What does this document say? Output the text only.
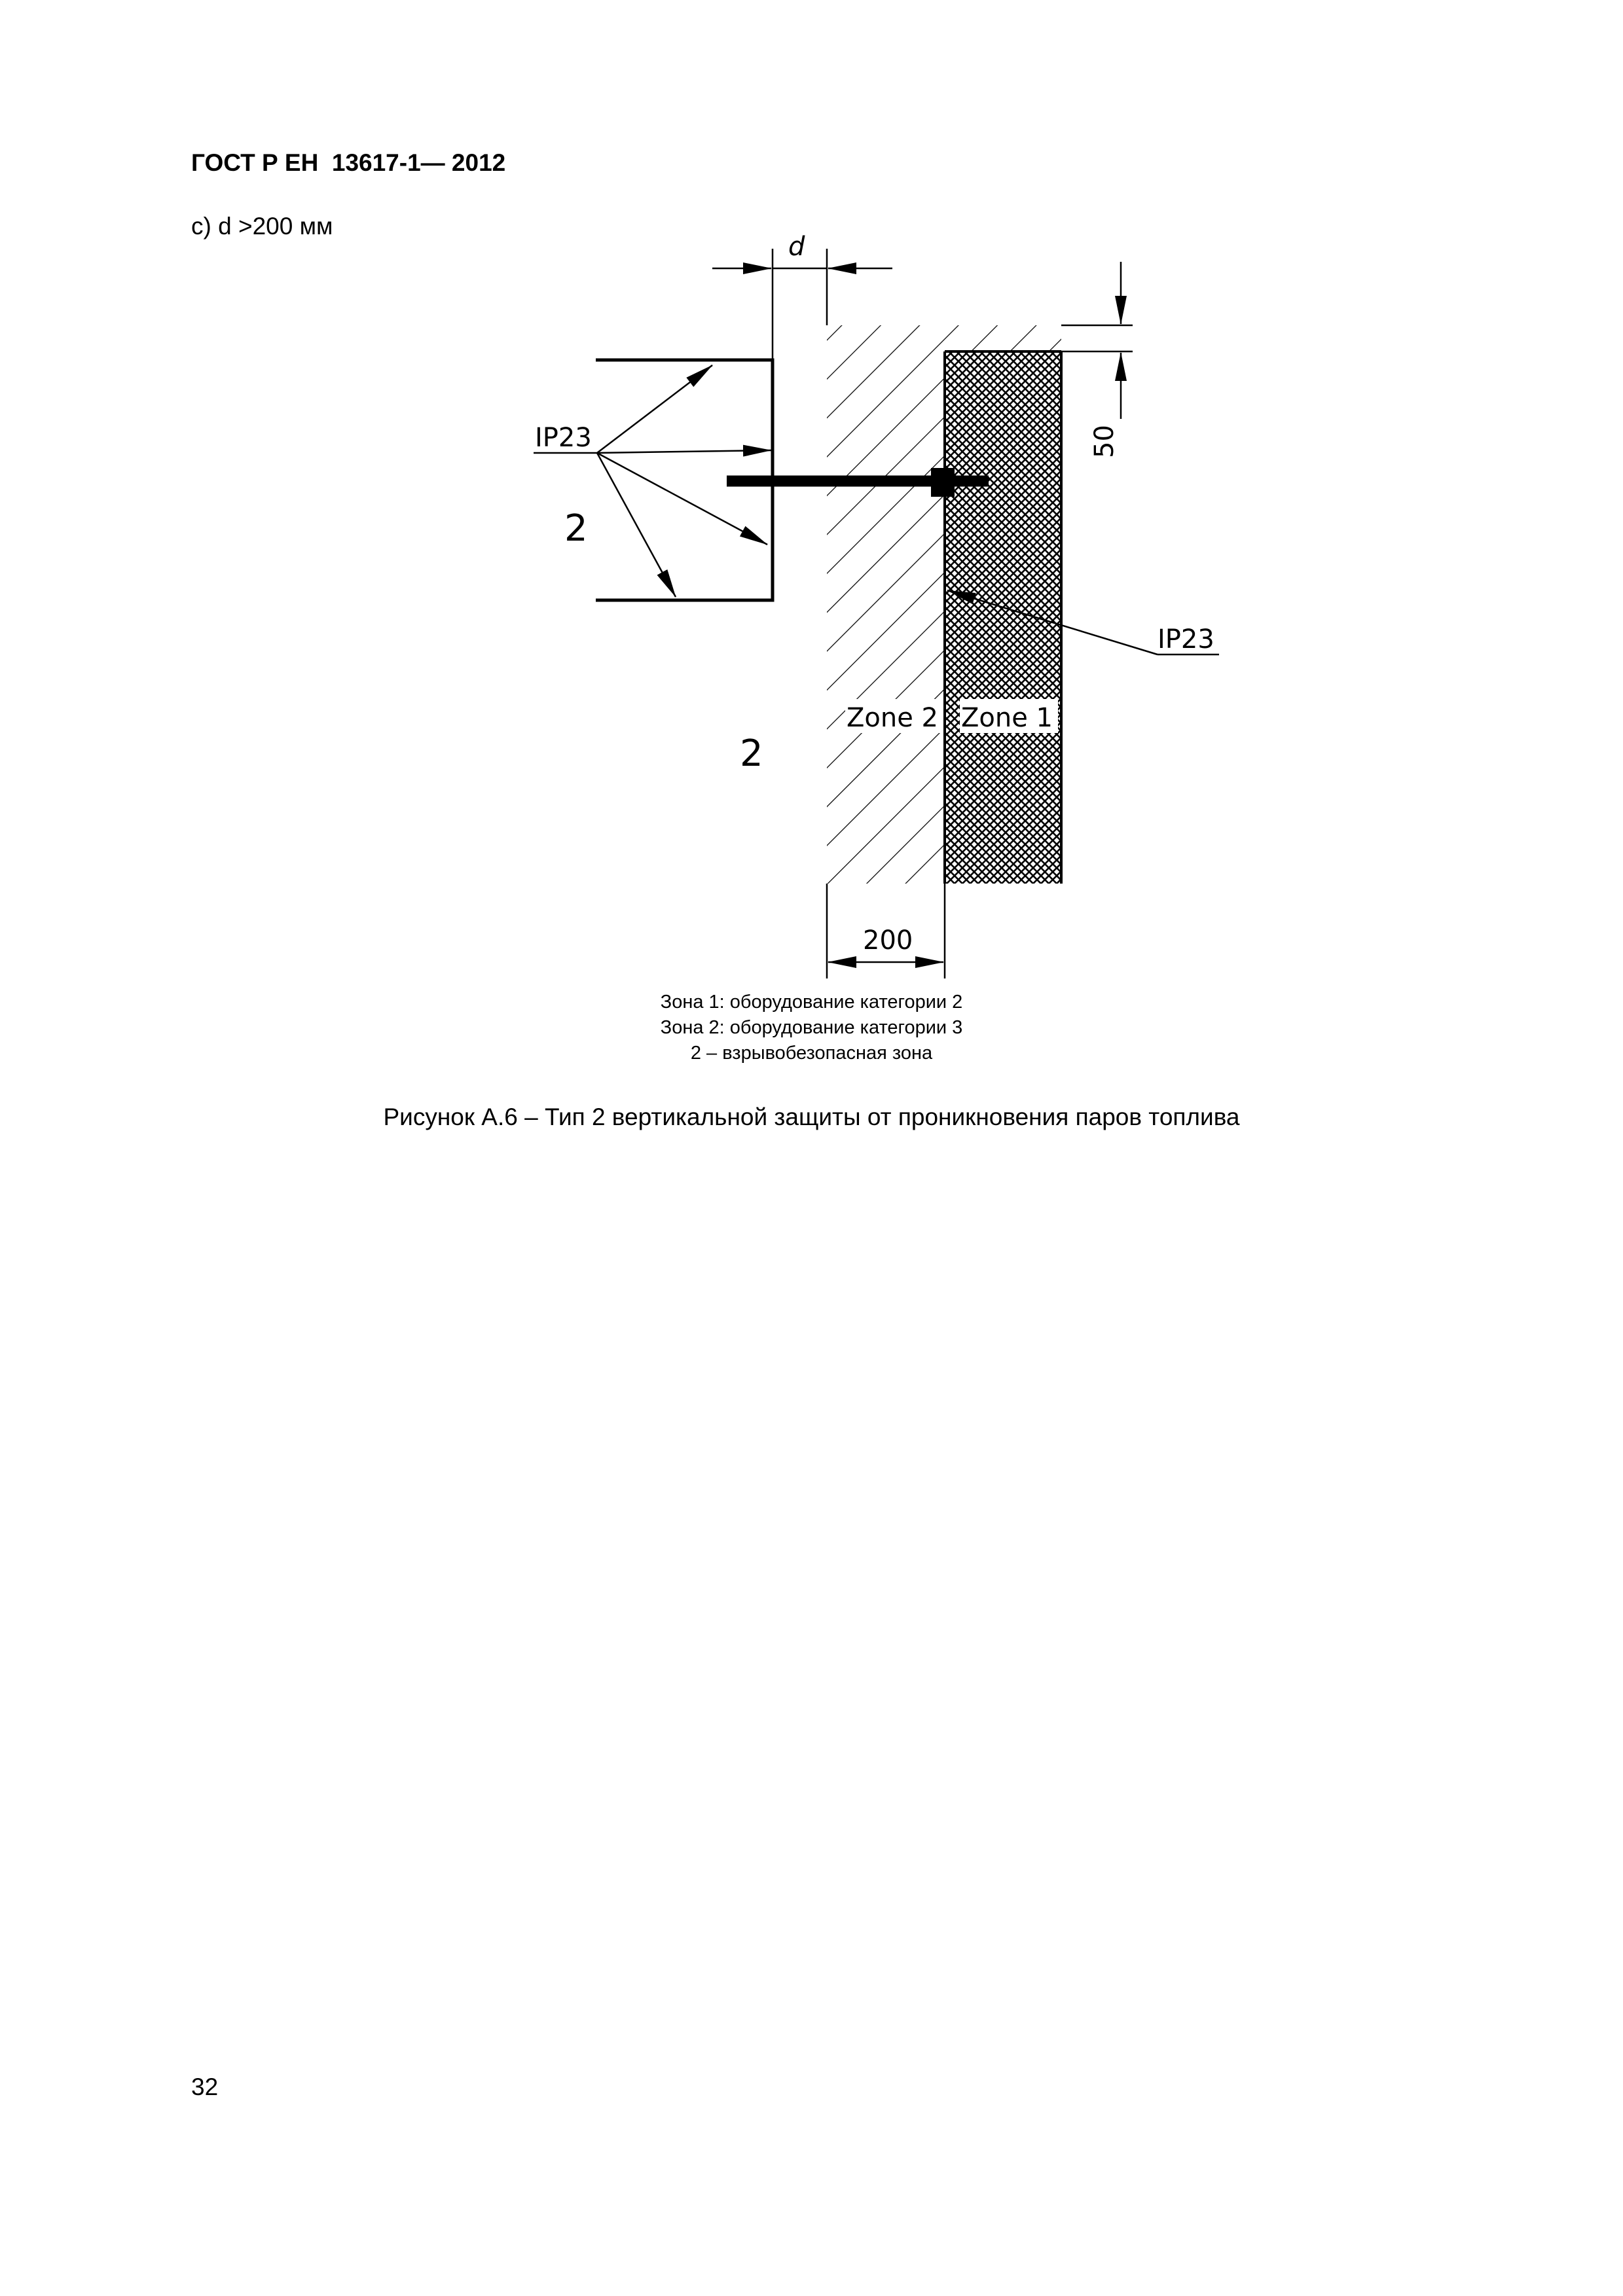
ГОСТ Р ЕН  13617-1— 2012
с) d >200 мм
IP23
2
2
IP23
Zone 2 Zone 1
d
50
200
Зона 1: оборудование категории 2
Зона 2: оборудование категории 3
2 – взрывобезопасная зона
Рисунок А.6 – Тип 2 вертикальной защиты от проникновения паров топлива
32
